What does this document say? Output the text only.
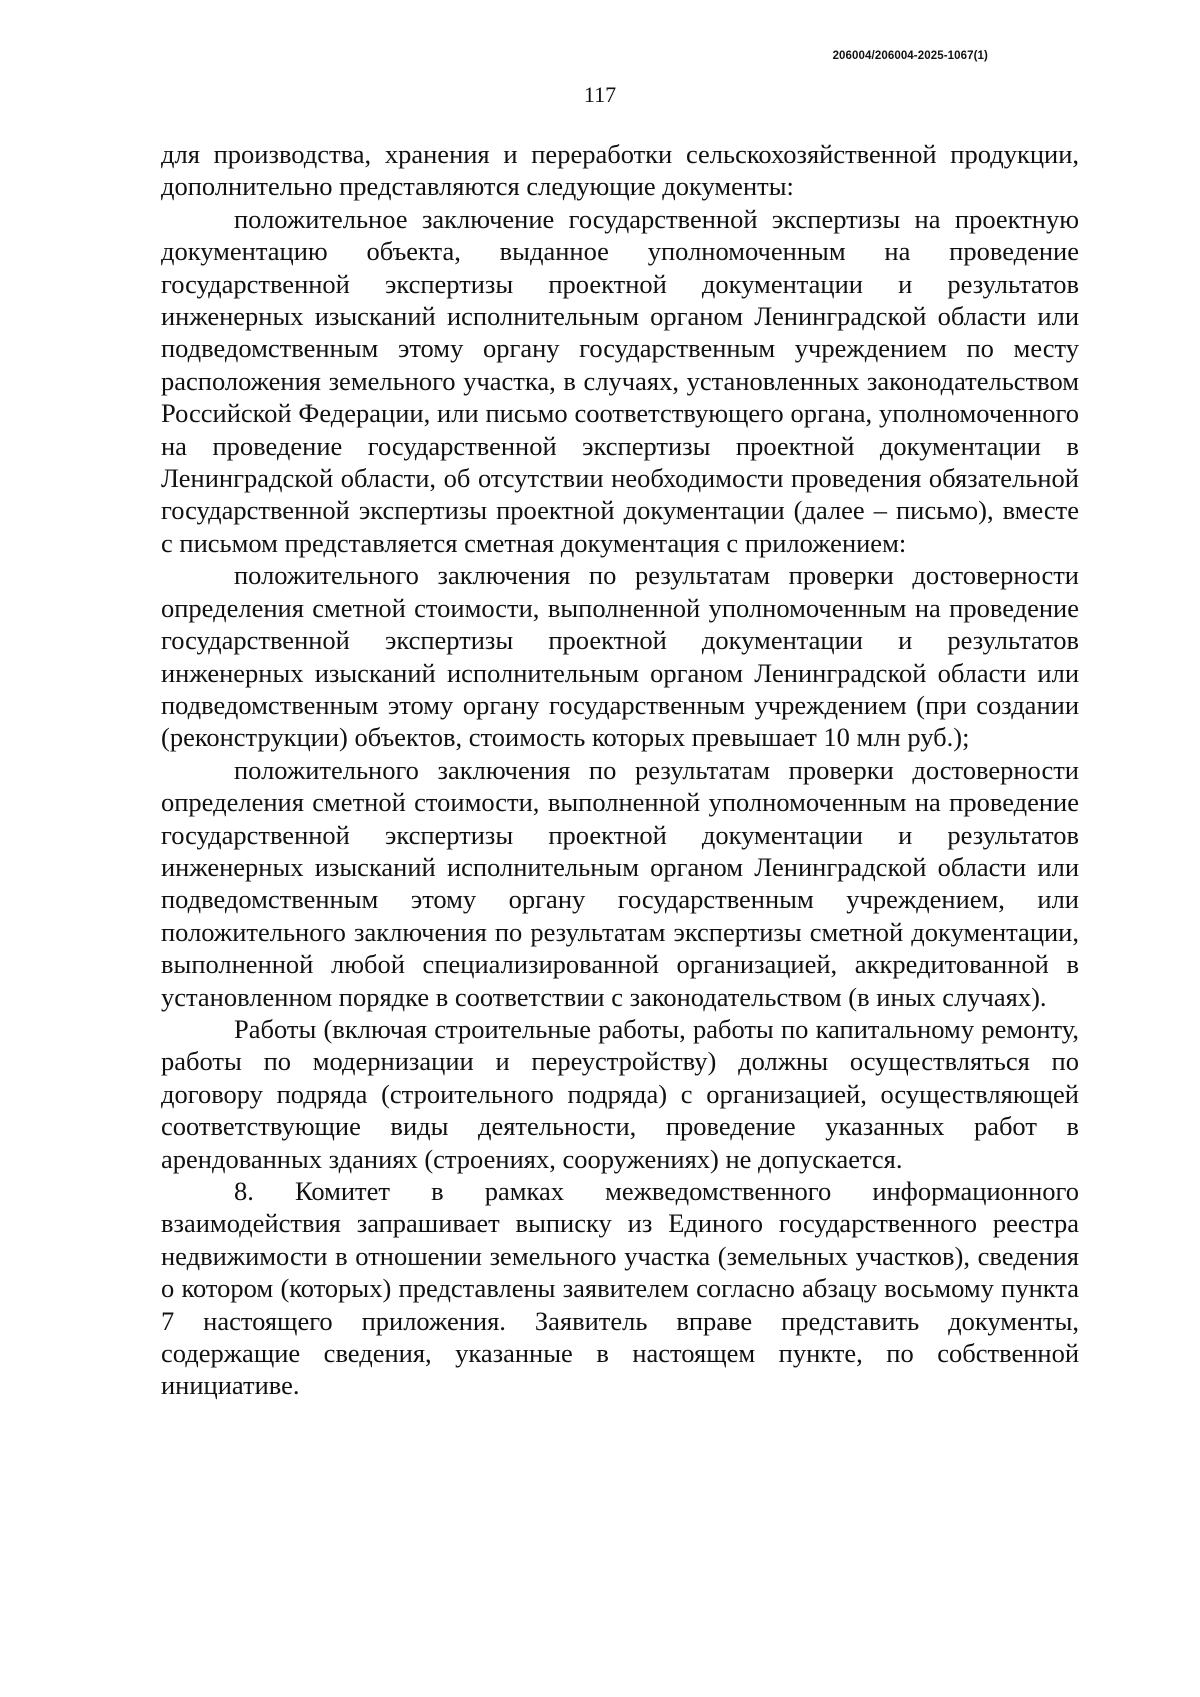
206004/206004-2025-1067(1)
117

для производства, хранения и переработки сельскохозяйственной продукции, дополнительно представляются следующие документы:

положительное заключение государственной экспертизы на проектную документацию объекта, выданное уполномоченным на проведение государственной экспертизы проектной документации и результатов инженерных изысканий исполнительным органом Ленинградской области или подведомственным этому органу государственным учреждением по месту расположения земельного участка, в случаях, установленных законодательством Российской Федерации, или письмо соответствующего органа, уполномоченного на проведение государственной экспертизы проектной документации в Ленинградской области, об отсутствии необходимости проведения обязательной государственной экспертизы проектной документации (далее – письмо), вместе с письмом представляется сметная документация с приложением:

положительного заключения по результатам проверки достоверности определения сметной стоимости, выполненной уполномоченным на проведение государственной экспертизы проектной документации и результатов инженерных изысканий исполнительным органом Ленинградской области или подведомственным этому органу государственным учреждением (при создании (реконструкции) объектов, стоимость которых превышает 10 млн руб.);

положительного заключения по результатам проверки достоверности определения сметной стоимости, выполненной уполномоченным на проведение государственной экспертизы проектной документации и результатов инженерных изысканий исполнительным органом Ленинградской области или подведомственным этому органу государственным учреждением, или положительного заключения по результатам экспертизы сметной документации, выполненной любой специализированной организацией, аккредитованной в установленном порядке в соответствии с законодательством (в иных случаях).

Работы (включая строительные работы, работы по капитальному ремонту, работы по модернизации и переустройству) должны осуществляться по договору подряда (строительного подряда) с организацией, осуществляющей соответствующие виды деятельности, проведение указанных работ в арендованных зданиях (строениях, сооружениях) не допускается.

8. Комитет в рамках межведомственного информационного взаимодействия запрашивает выписку из Единого государственного реестра недвижимости в отношении земельного участка (земельных участков), сведения о котором (которых) представлены заявителем согласно абзацу восьмому пункта 7 настоящего приложения. Заявитель вправе представить документы, содержащие сведения, указанные в настоящем пункте, по собственной инициативе.
